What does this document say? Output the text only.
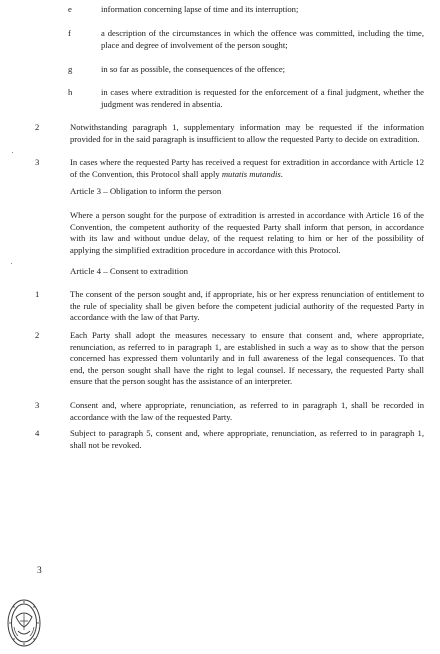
e	information concerning lapse of time and its interruption;
f	a description of the circumstances in which the offence was committed, including the time, place and degree of involvement of the person sought;
g	in so far as possible, the consequences of the offence;
h	in cases where extradition is requested for the enforcement of a final judgment, whether the judgment was rendered in absentia.
2	Notwithstanding paragraph 1, supplementary information may be requested if the information provided for in the said paragraph is insufficient to allow the requested Party to decide on extradition.
3	In cases where the requested Party has received a request for extradition in accordance with Article 12 of the Convention, this Protocol shall apply mutatis mutandis.
Article 3 – Obligation to inform the person
Where a person sought for the purpose of extradition is arrested in accordance with Article 16 of the Convention, the competent authority of the requested Party shall inform that person, in accordance with its law and without undue delay, of the request relating to him or her of the possibility of applying the simplified extradition procedure in accordance with this Protocol.
Article 4 – Consent to extradition
1	The consent of the person sought and, if appropriate, his or her express renunciation of entitlement to the rule of speciality shall be given before the competent judicial authority of the requested Party in accordance with the law of that Party.
2	Each Party shall adopt the measures necessary to ensure that consent and, where appropriate, renunciation, as referred to in paragraph 1, are established in such a way as to show that the person concerned has expressed them voluntarily and in full awareness of the legal consequences. To that end, the person sought shall have the right to legal counsel. If necessary, the requested Party shall ensure that the person sought has the assistance of an interpreter.
3	Consent and, where appropriate, renunciation, as referred to in paragraph 1, shall be recorded in accordance with the law of the requested Party.
4	Subject to paragraph 5, consent and, where appropriate, renunciation, as referred to in paragraph 1, shall not be revoked.
3
